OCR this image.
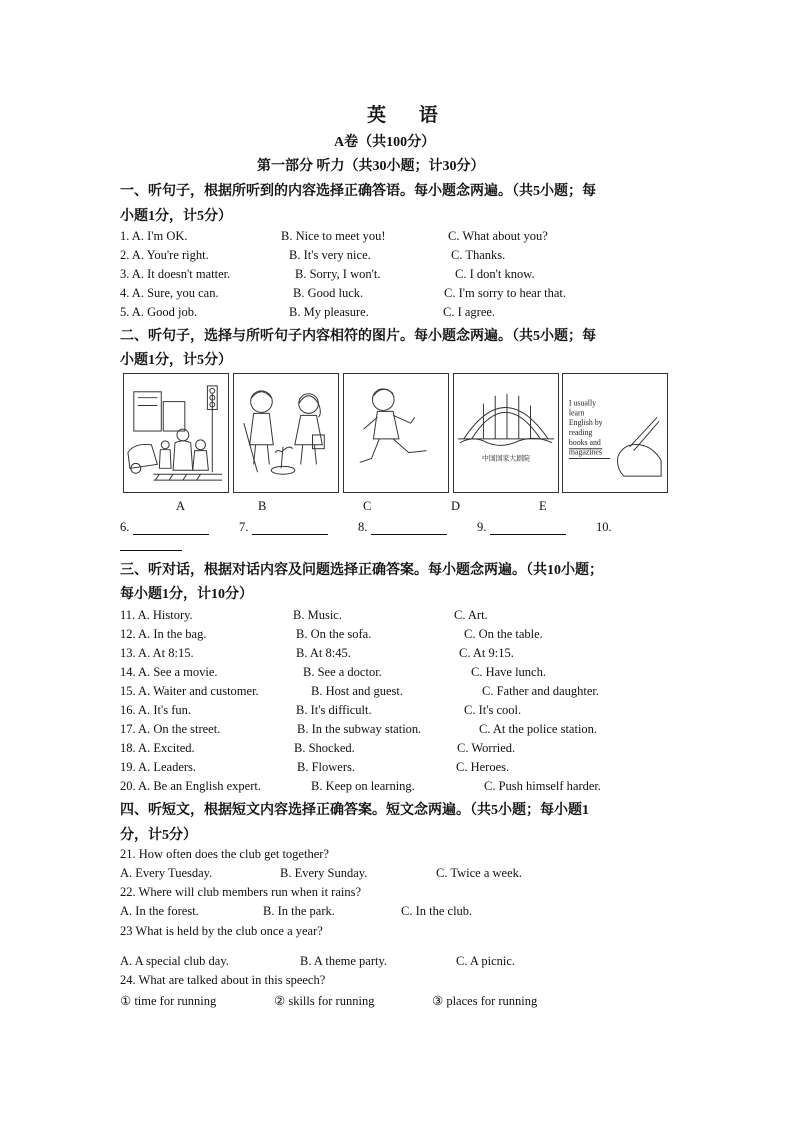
英 语
A卷（共100分）
第一部分 听力（共30小题；计30分）
一、听句子，根据所听到的内容选择正确答语。每小题念两遍。（共5小题；每
小题1分，计5分）
1. A. I'm OK.	B. Nice to meet you!	C. What about you?
2. A. You're right.	B. It's very nice.	C. Thanks.
3. A. It doesn't matter.	B. Sorry, I won't.	C. I don't know.
4. A. Sure, you can.	B. Good luck.	C. I'm sorry to hear that.
5. A. Good job.	B. My pleasure.	C. I agree.
二、听句子，选择与所听句子内容相符的图片。每小题念两遍。（共5小题；每
小题1分，计5分）
中国国家大剧院
I usually
learn
English by
reading
books and
magazines
A	B	C	D	E
6.	7.	8.	9.	10.
三、听对话，根据对话内容及问题选择正确答案。每小题念两遍。（共10小题；
每小题1分，计10分）
11. A. History.	B. Music.	C. Art.
12. A. In the bag.	B. On the sofa.	C. On the table.
13. A. At 8:15.	B. At 8:45.	C. At 9:15.
14. A. See a movie.	B. See a doctor.	C. Have lunch.
15. A. Waiter and customer.	B. Host and guest.	C. Father and daughter.
16. A. It's fun.	B. It's difficult.	C. It's cool.
17. A. On the street.	B. In the subway station.	C. At the police station.
18. A. Excited.	B. Shocked.	C. Worried.
19. A. Leaders.	B. Flowers.	C. Heroes.
20. A. Be an English expert.	B. Keep on learning.	C. Push himself harder.
四、听短文，根据短文内容选择正确答案。短文念两遍。（共5小题；每小题1
分，计5分）
21. How often does the club get together?
A. Every Tuesday.	B. Every Sunday.	C. Twice a week.
22. Where will club members run when it rains?
A. In the forest.	B. In the park.	C. In the club.
23 What is held by the club once a year?
A. A special club day.	B. A theme party.	C. A picnic.
24. What are talked about in this speech?
① time for running	② skills for running	③ places for running
